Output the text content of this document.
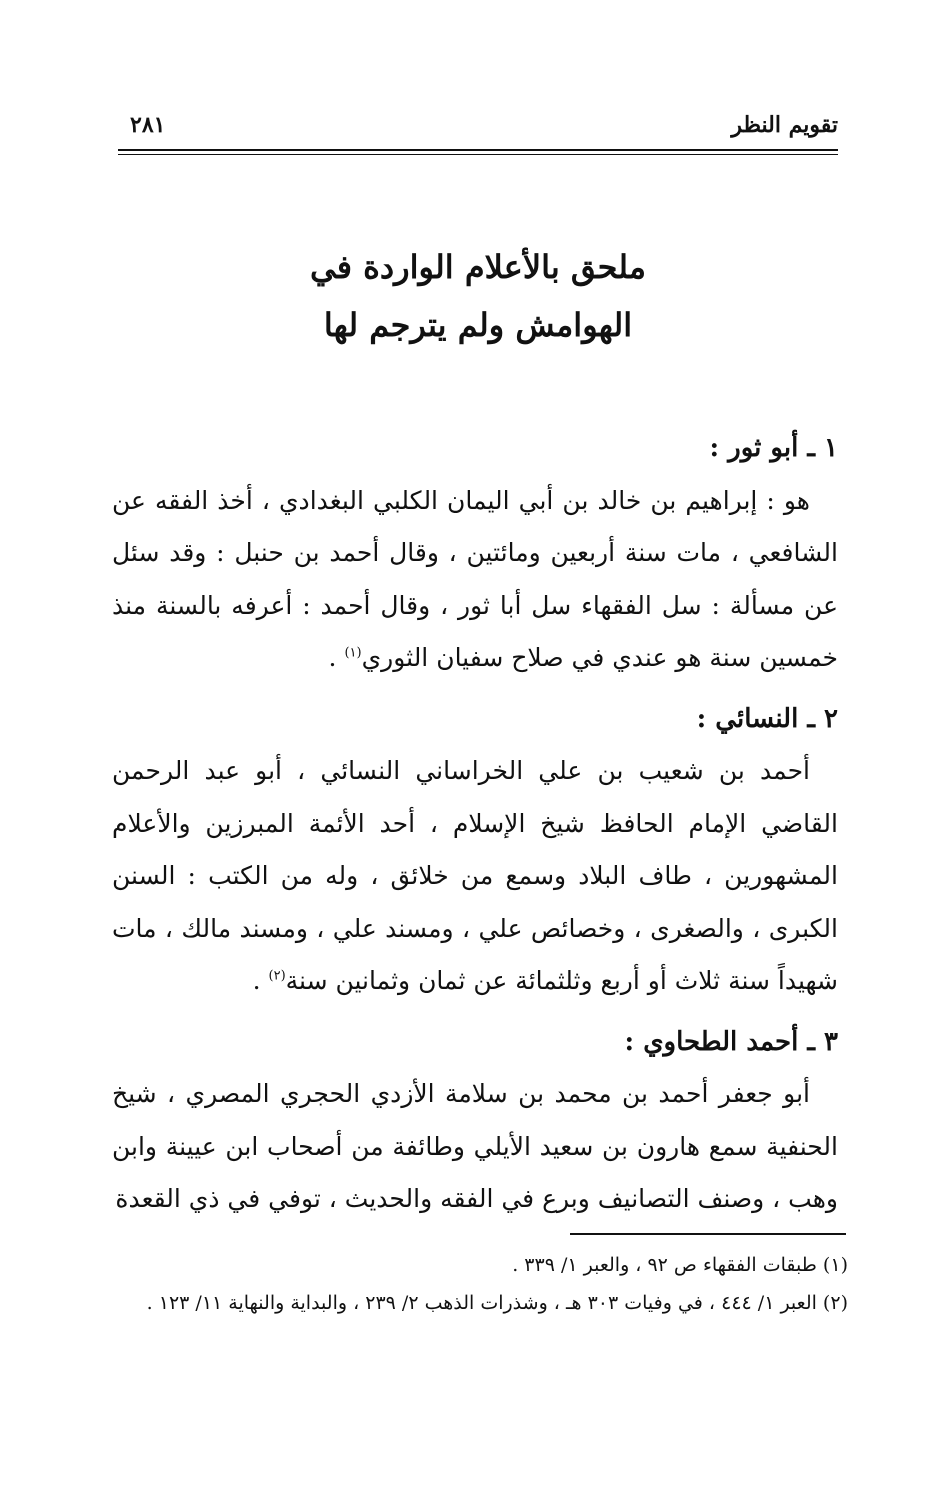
تقويم النظر
٢٨١
ملحق بالأعلام الواردة في
الهوامش ولم يترجم لها

١ ـ أبو ثور :

هو : إبراهيم بن خالد بن أبي اليمان الكلبي البغدادي ، أخذ الفقه عن الشافعي ، مات سنة أربعين ومائتين ، وقال أحمد بن حنبل : وقد سئل عن مسألة : سل الفقهاء سل أبا ثور ، وقال أحمد : أعرفه بالسنة منذ خمسين سنة هو عندي في صلاح سفيان الثوري$^{(١)}$ .

٢ ـ النسائي :

أحمد بن شعيب بن علي الخراساني النسائي ، أبو عبد الرحمن القاضي الإمام الحافظ شيخ الإسلام ، أحد الأئمة المبرزين والأعلام المشهورين ، طاف البلاد وسمع من خلائق ، وله من الكتب : السنن الكبرى ، والصغرى ، وخصائص علي ، ومسند علي ، ومسند مالك ، مات شهيداً سنة ثلاث أو أربع وثلثمائة عن ثمان وثمانين سنة$^{(٢)}$ .

٣ ـ أحمد الطحاوي :

أبو جعفر أحمد بن محمد بن سلامة الأزدي الحجري المصري ، شيخ الحنفية سمع هارون بن سعيد الأيلي وطائفة من أصحاب ابن عيينة وابن وهب ، وصنف التصانيف وبرع في الفقه والحديث ، توفي في ذي القعدة

(١) طبقات الفقهاء ص ٩٢ ، والعبر ١/ ٣٣٩ .

(٢) العبر ١/ ٤٤٤ ، في وفيات ٣٠٣ هـ ، وشذرات الذهب ٢/ ٢٣٩ ، والبداية والنهاية ١١/ ١٢٣ .
